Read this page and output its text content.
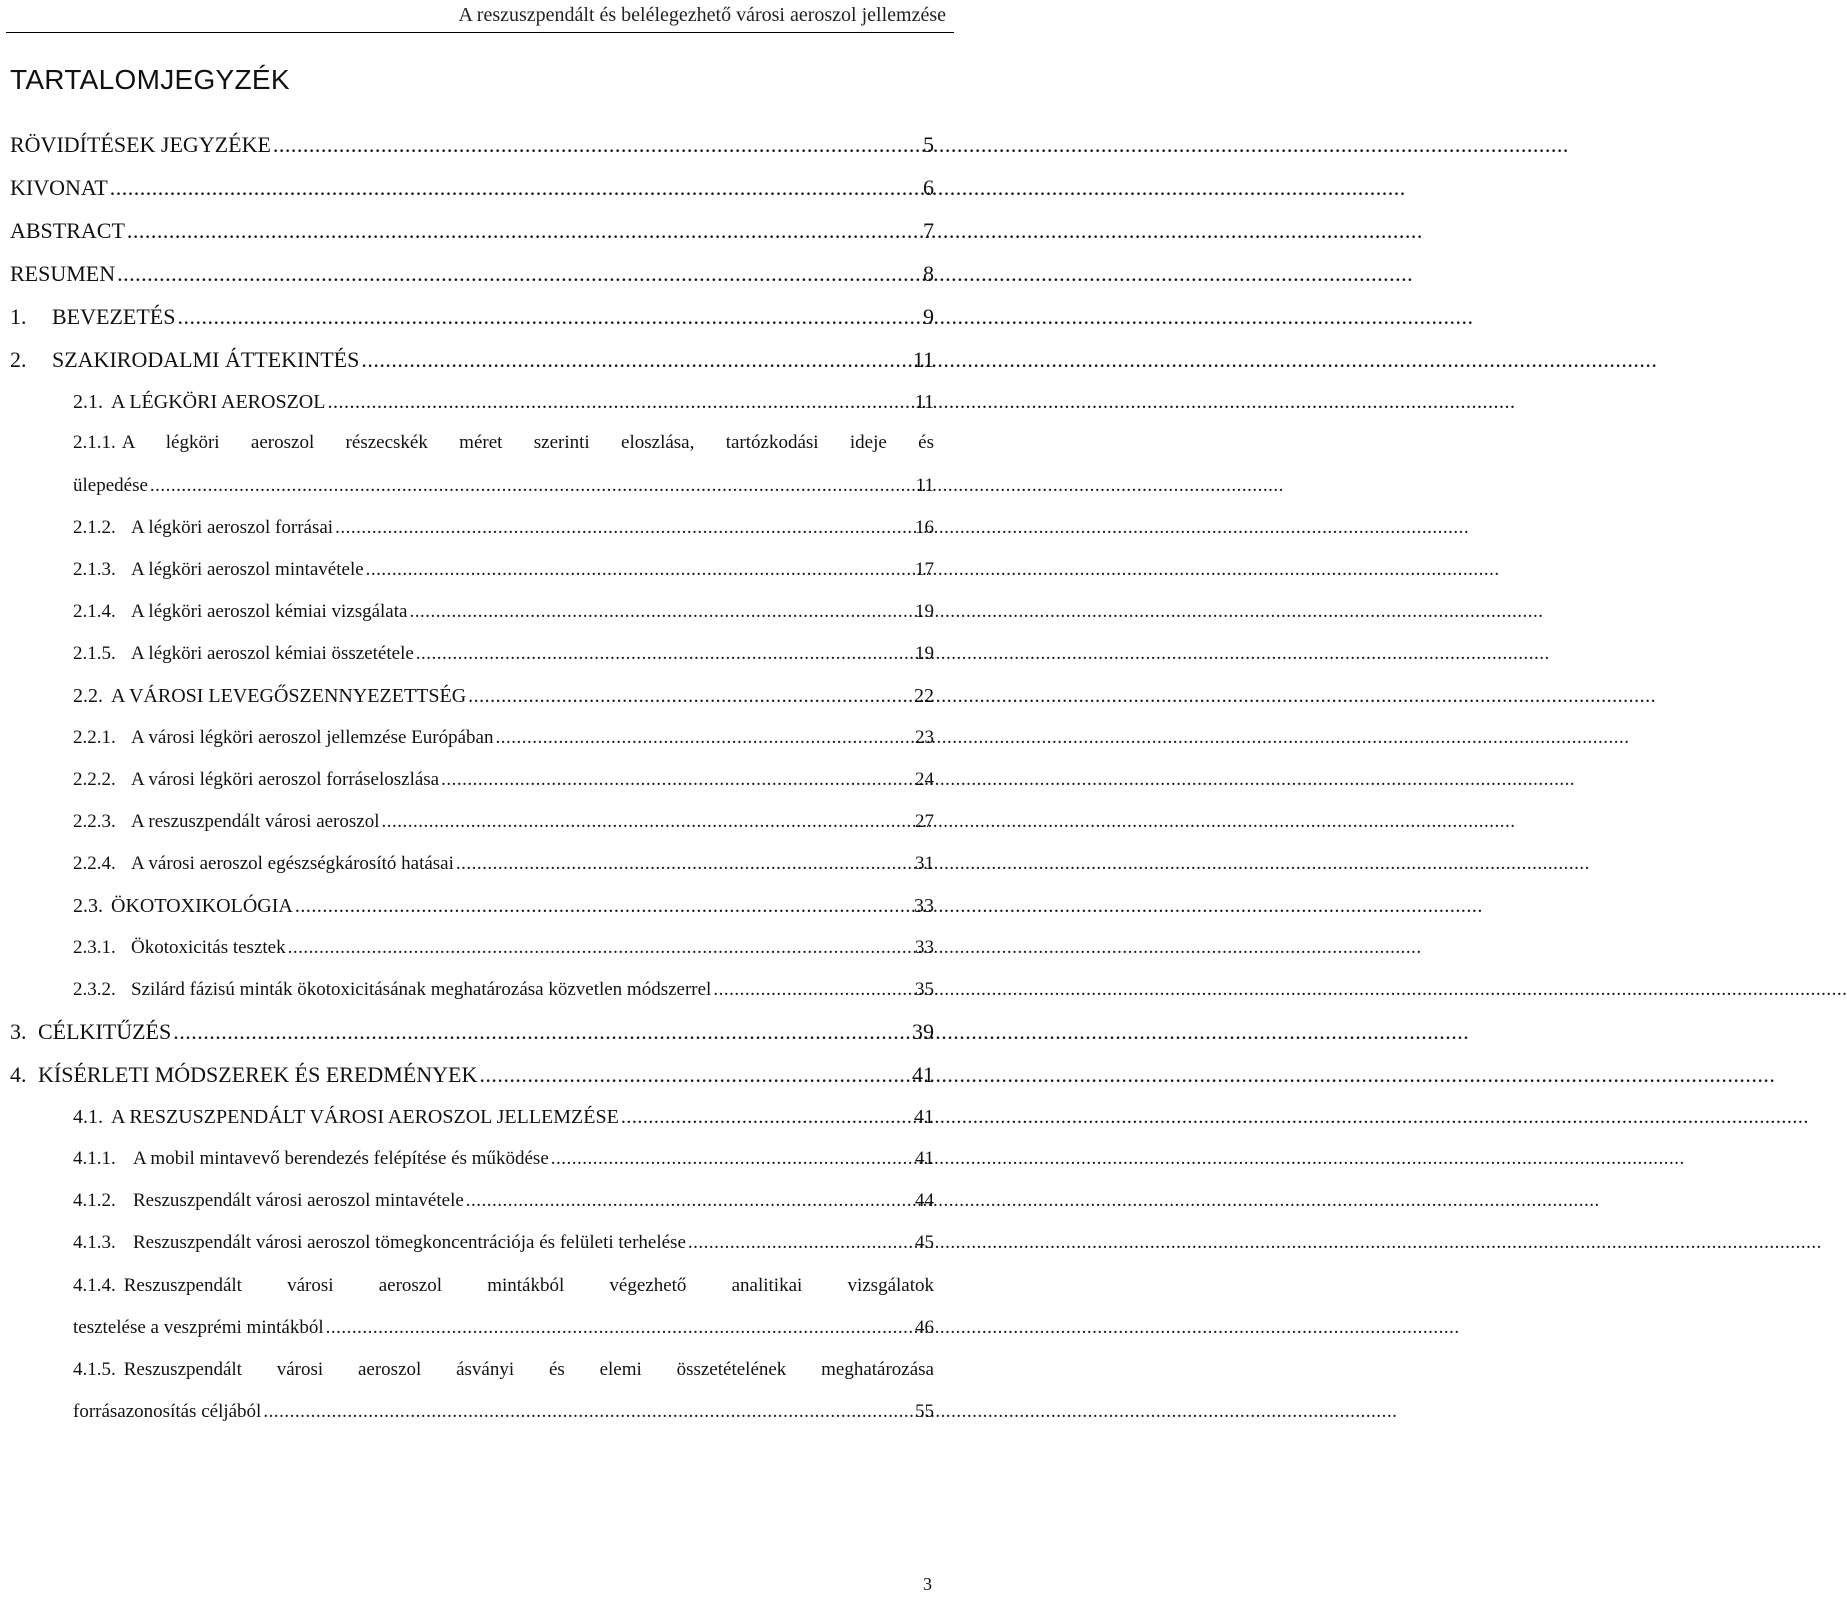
A reszuszpendált és belélegezhető városi aeroszol jellemzése
TARTALOMJEGYZÉK
RÖVIDÍTÉSEK JEGYZÉKE .....	5
KIVONAT .....	6
ABSTRACT .....	7
RESUMEN .....	8
1.	BEVEZETÉS .....	9
2.	SZAKIRODALMI ÁTTEKINTÉS .....	11
2.1. A LÉGKÖRI AEROSZOL .....	11
2.1.1. A légköri aeroszol részecskék méret szerinti eloszlása, tartózkodási ideje és
ülepedése .....	11
2.1.2. A légköri aeroszol forrásai .....	16
2.1.3. A légköri aeroszol mintavétele .....	17
2.1.4. A légköri aeroszol kémiai vizsgálata .....	19
2.1.5. A légköri aeroszol kémiai összetétele .....	19
2.2. A VÁROSI LEVEGŐSZENNYEZETTSÉG .....	22
2.2.1. A városi légköri aeroszol jellemzése Európában .....	23
2.2.2. A városi légköri aeroszol forráseloszlása .....	24
2.2.3. A reszuszpendált városi aeroszol .....	27
2.2.4. A városi aeroszol egészségkárosító hatásai .....	31
2.3. ÖKOTOXIKOLÓGIA .....	33
2.3.1. Ökotoxicitás tesztek .....	33
2.3.2. Szilárd fázisú minták ökotoxicitásának meghatározása közvetlen módszerrel .....	35
3. CÉLKITŰZÉS .....	39
4. KÍSÉRLETI MÓDSZEREK ÉS EREDMÉNYEK .....	41
4.1. A RESZUSZPENDÁLT VÁROSI AEROSZOL JELLEMZÉSE .....	41
4.1.1. A mobil mintavevő berendezés felépítése és működése .....	41
4.1.2. Reszuszpendált városi aeroszol mintavétele .....	44
4.1.3. Reszuszpendált városi aeroszol tömegkoncentrációja és felületi terhelése .....	45
4.1.4. Reszuszpendált városi aeroszol mintákból végezhető analitikai vizsgálatok
tesztelése a veszprémi mintákból .....	46
4.1.5. Reszuszpendált városi aeroszol ásványi és elemi összetételének meghatározása
forrásazonosítás céljából .....	55
3
